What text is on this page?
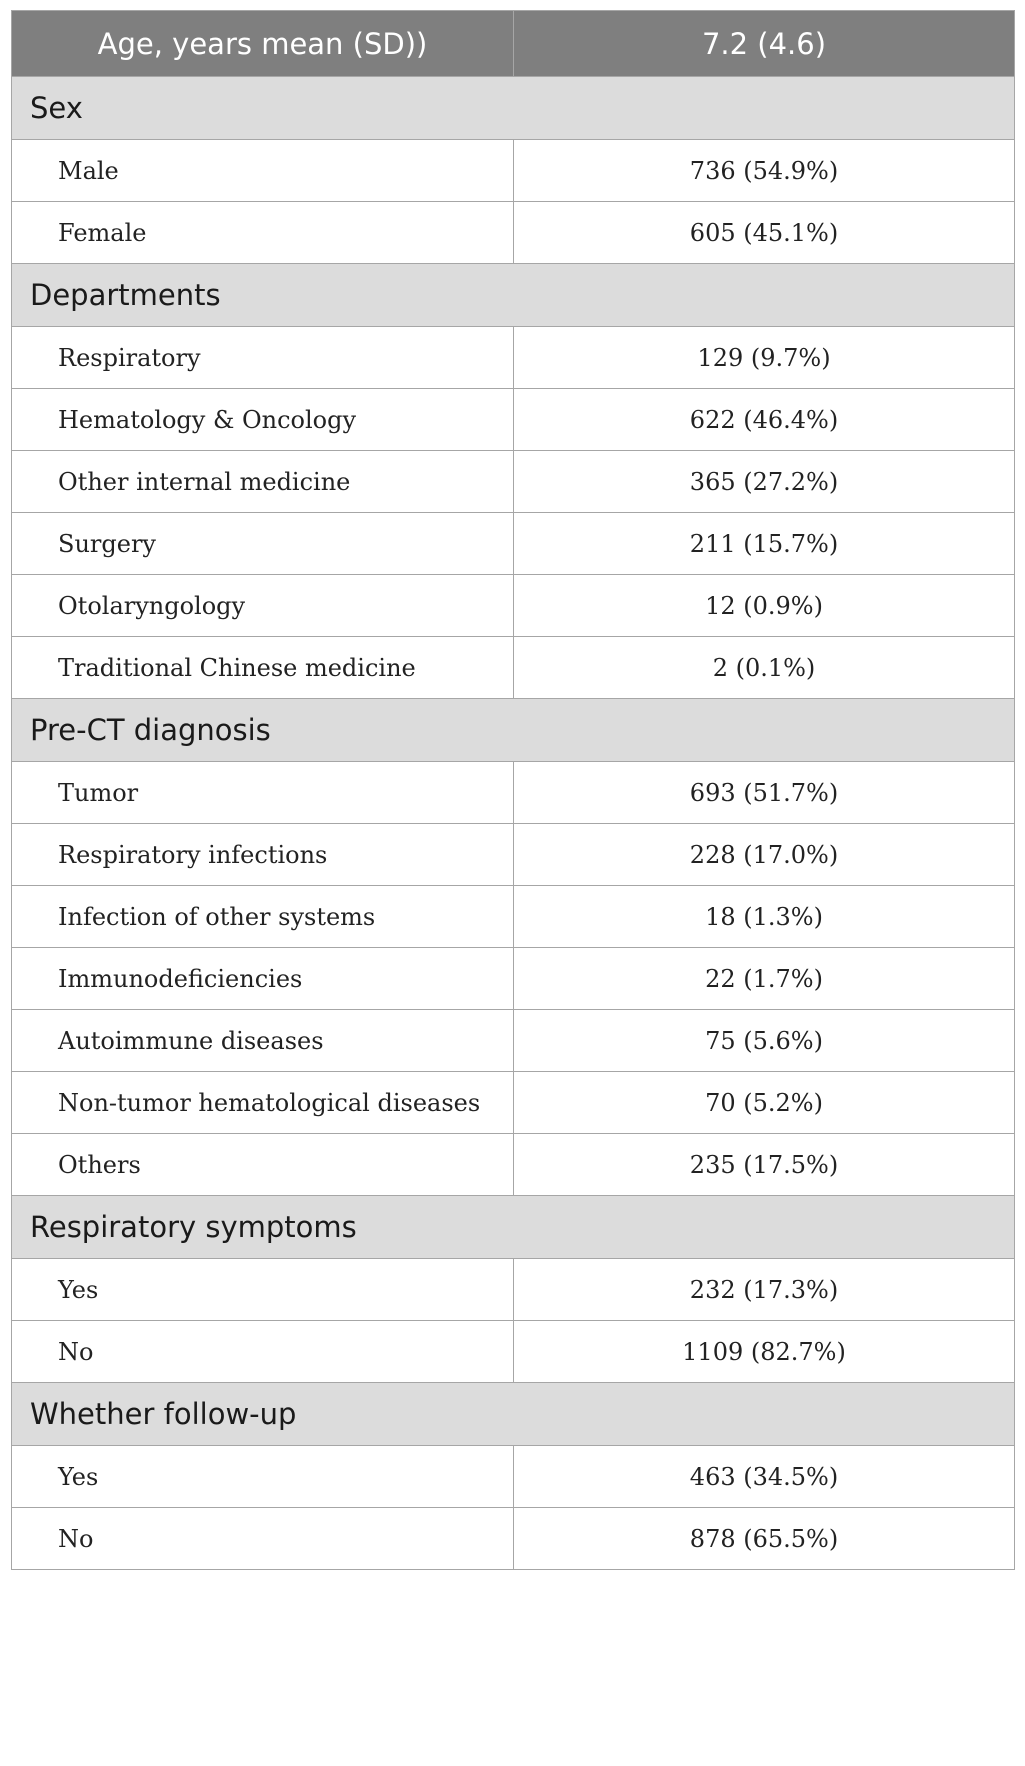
Age, years mean (SD))	7.2 (4.6)
Sex
Male	736 (54.9%)
Female	605 (45.1%)
Departments
Respiratory	129 (9.7%)
Hematology & Oncology	622 (46.4%)
Other internal medicine	365 (27.2%)
Surgery	211 (15.7%)
Otolaryngology	12 (0.9%)
Traditional Chinese medicine	2 (0.1%)
Pre-CT diagnosis
Tumor	693 (51.7%)
Respiratory infections	228 (17.0%)
Infection of other systems	18 (1.3%)
Immunodeficiencies	22 (1.7%)
Autoimmune diseases	75 (5.6%)
Non-tumor hematological diseases	70 (5.2%)
Others	235 (17.5%)
Respiratory symptoms
Yes	232 (17.3%)
No	1109 (82.7%)
Whether follow-up
Yes	463 (34.5%)
No	878 (65.5%)
